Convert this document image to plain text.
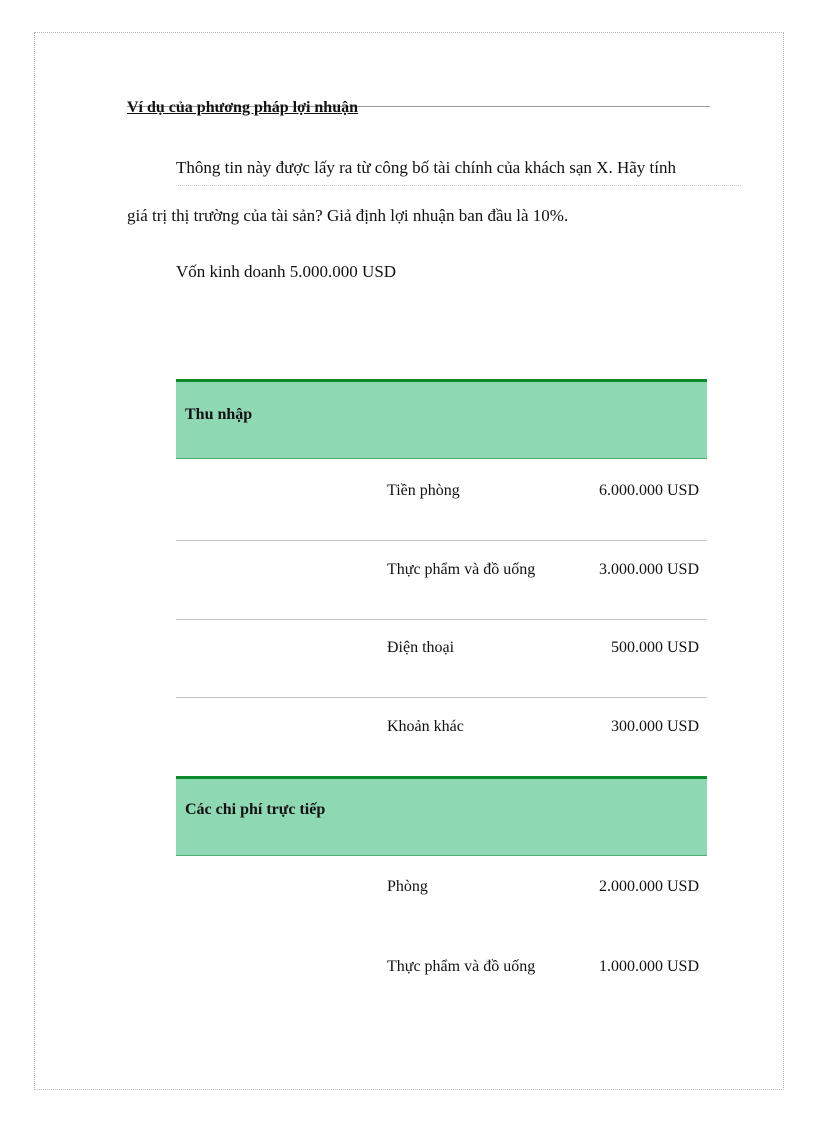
Ví dụ của phương pháp lợi nhuận
Thông tin này được lấy ra từ công bố tài chính của khách sạn X. Hãy tính
giá trị thị trường của tài sản? Giả định lợi nhuận ban đầu là 10%.
Vốn kinh doanh 5.000.000 USD
Thu nhập
Tiền phòng	6.000.000 USD
Thực phẩm và đồ uống	3.000.000 USD
Điện thoại	500.000 USD
Khoản khác	300.000 USD
Các chi phí trực tiếp
Phòng	2.000.000 USD
Thực phẩm và đồ uống	1.000.000 USD
